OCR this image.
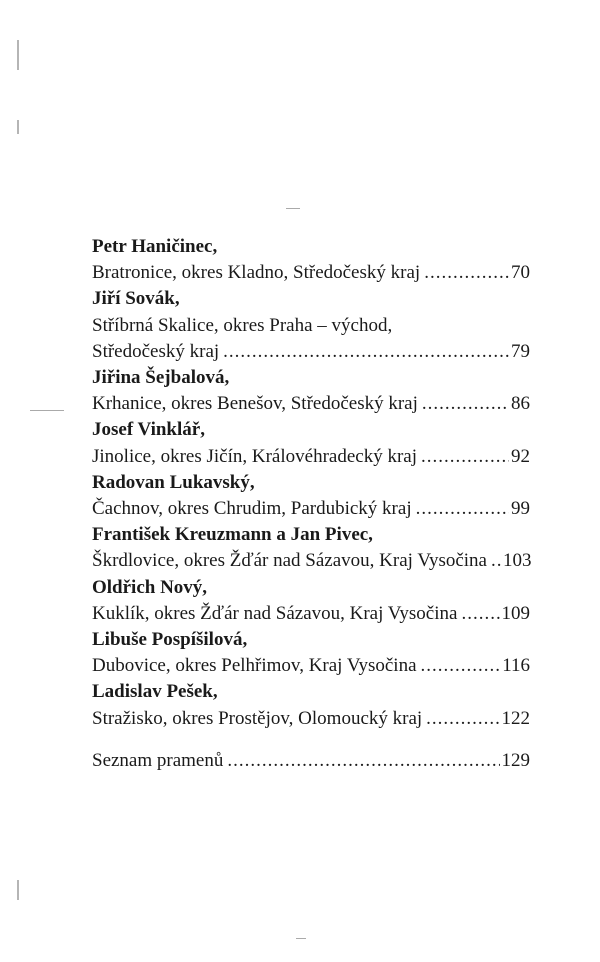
Petr Haničinec,

Bratronice, okres Kladno, Středočeský kraj .....	70

Jiří Sovák,

Stříbrná Skalice, okres Praha – východ,
Středočeský kraj .....	79

Jiřina Šejbalová,

Krhanice, okres Benešov, Středočeský kraj .....	86

Josef Vinklář,

Jinolice, okres Jičín, Královéhradecký kraj .....	92

Radovan Lukavský,

Čachnov, okres Chrudim, Pardubický kraj .....	99

František Kreuzmann a Jan Pivec,

Škrdlovice, okres Žďár nad Sázavou, Kraj Vysočina ..... 103

Oldřich Nový,

Kuklík, okres Žďár nad Sázavou, Kraj Vysočina ..... 109

Libuše Pospíšilová,

Dubovice, okres Pelhřimov, Kraj Vysočina .....	116

Ladislav Pešek,

Stražisko, okres Prostějov, Olomoucký kraj .....	122
Seznam pramenů .....	129
